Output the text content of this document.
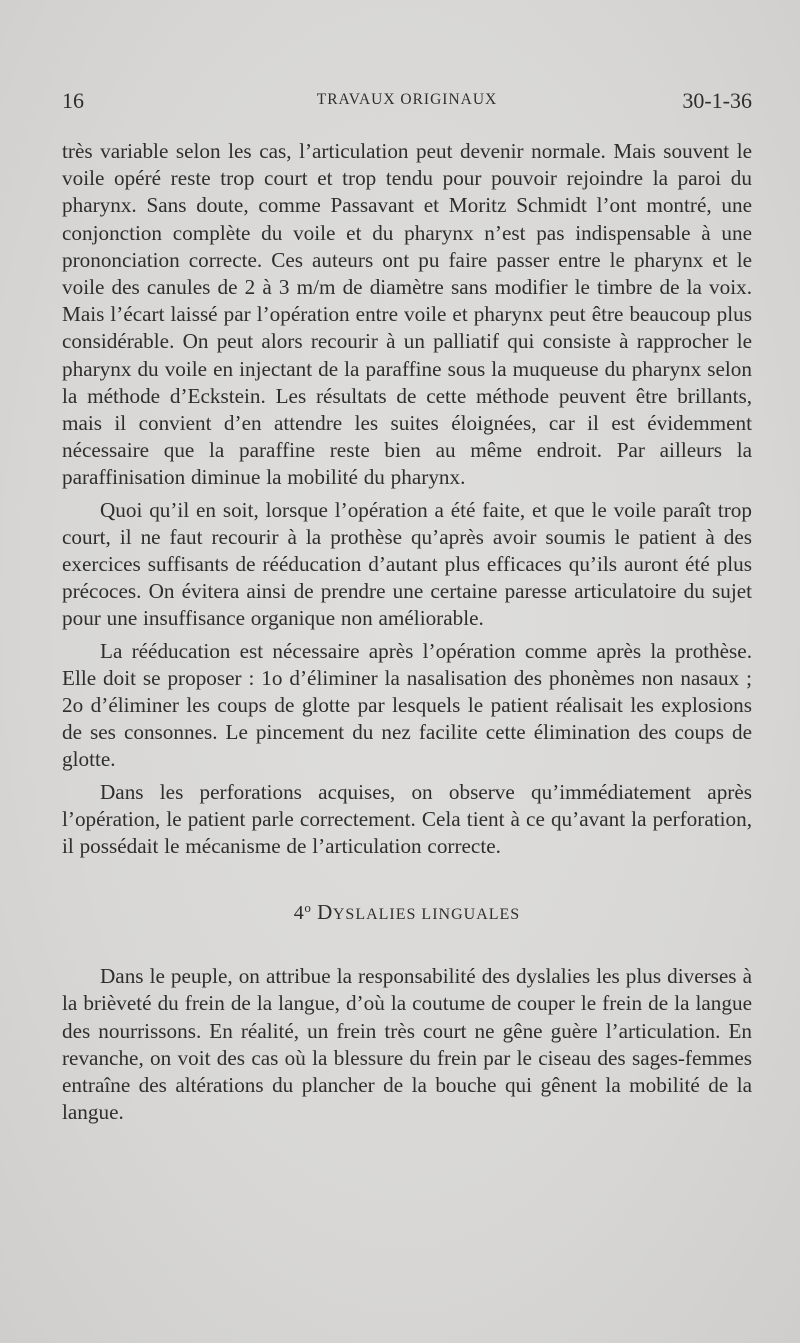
16	TRAVAUX ORIGINAUX	30-1-36

très variable selon les cas, l’articulation peut devenir normale. Mais souvent le voile opéré reste trop court et trop tendu pour pouvoir rejoindre la paroi du pharynx. Sans doute, comme Passavant et Moritz Schmidt l’ont montré, une conjonction complète du voile et du pharynx n’est pas indispensable à une prononciation correcte. Ces auteurs ont pu faire passer entre le pharynx et le voile des canules de 2 à 3 m/m de diamètre sans modifier le timbre de la voix. Mais l’écart laissé par l’opération entre voile et pharynx peut être beaucoup plus considérable. On peut alors recourir à un palliatif qui consiste à rapprocher le pharynx du voile en injectant de la paraffine sous la muqueuse du pharynx selon la méthode d’Eckstein. Les résultats de cette méthode peuvent être brillants, mais il convient d’en attendre les suites éloignées, car il est évidemment nécessaire que la paraffine reste bien au même endroit. Par ailleurs la paraffinisation diminue la mobilité du pharynx.

Quoi qu’il en soit, lorsque l’opération a été faite, et que le voile paraît trop court, il ne faut recourir à la prothèse qu’après avoir soumis le patient à des exercices suffisants de rééducation d’autant plus efficaces qu’ils auront été plus précoces. On évitera ainsi de prendre une certaine paresse articulatoire du sujet pour une insuffisance organique non améliorable.

La rééducation est nécessaire après l’opération comme après la prothèse. Elle doit se proposer : 1o d’éliminer la nasalisation des phonèmes non nasaux ; 2o d’éliminer les coups de glotte par lesquels le patient réalisait les explosions de ses consonnes. Le pincement du nez facilite cette élimination des coups de glotte.

Dans les perforations acquises, on observe qu’immédiatement après l’opération, le patient parle correctement. Cela tient à ce qu’avant la perforation, il possédait le mécanisme de l’articulation correcte.

4$^o$ DYSLALIES LINGUALES

Dans le peuple, on attribue la responsabilité des dyslalies les plus diverses à la brièveté du frein de la langue, d’où la coutume de couper le frein de la langue des nourrissons. En réalité, un frein très court ne gêne guère l’articulation. En revanche, on voit des cas où la blessure du frein par le ciseau des sages-femmes entraîne des altérations du plancher de la bouche qui gênent la mobilité de la langue.
